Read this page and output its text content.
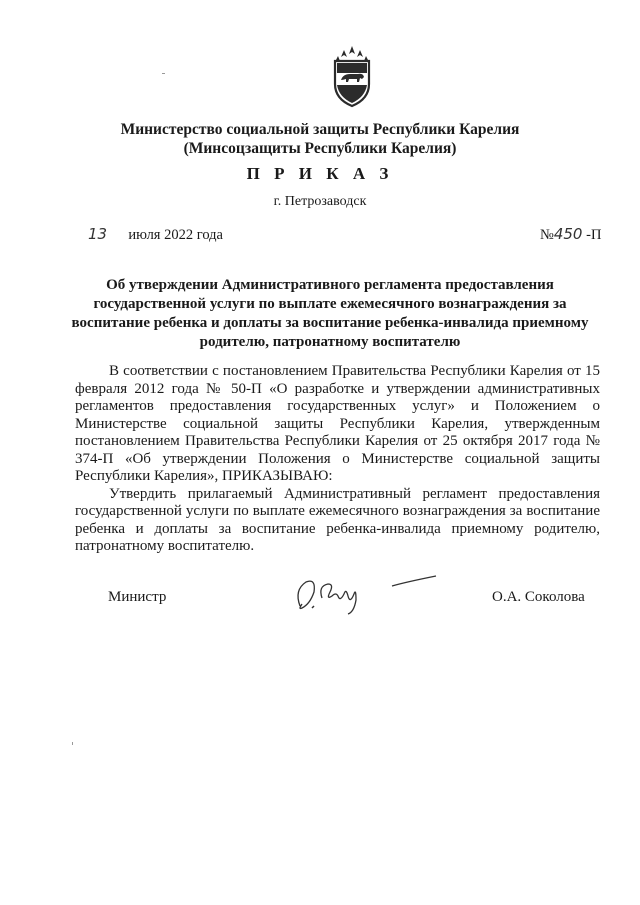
Министерство социальной защиты Республики Карелия
(Минсоцзащиты Республики Карелия)
П Р И К А З
г. Петрозаводск
13 июля 2022 года	№450 -П
Об утверждении Административного регламента предоставления государственной услуги по выплате ежемесячного вознаграждения за воспитание ребенка и доплаты за воспитание ребенка-инвалида приемному родителю, патронатному воспитателю

В соответствии с постановлением Правительства Республики Карелия от 15 февраля 2012 года № 50-П «О разработке и утверждении административных регламентов предоставления государственных услуг» и Положением о Министерстве социальной защиты Республики Карелия, утвержденным постановлением Правительства Республики Карелия от 25 октября 2017 года № 374-П «Об утверждении Положения о Министерстве социальной защиты Республики Карелия», ПРИКАЗЫВАЮ:

Утвердить прилагаемый Административный регламент предоставления государственной услуги по выплате ежемесячного вознаграждения за воспитание ребенка и доплаты за воспитание ребенка-инвалида приемному родителю, патронатному воспитателю.

Министр	О.А. Соколова
